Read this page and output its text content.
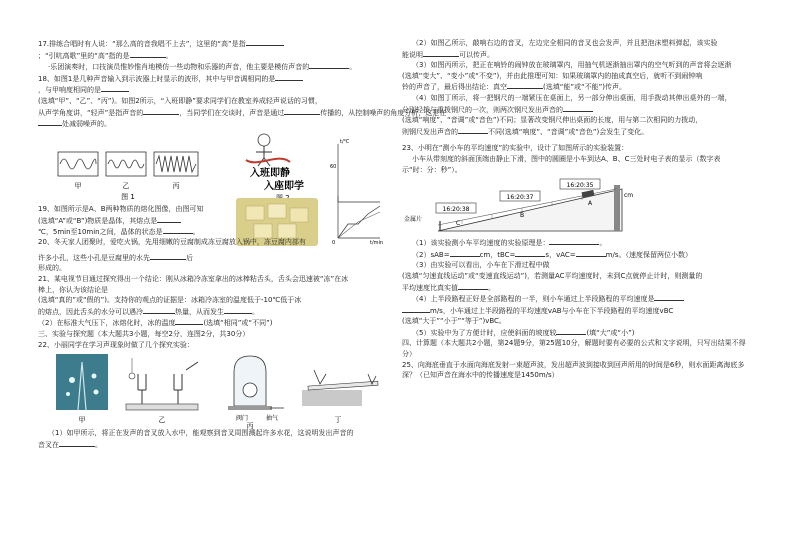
17.排练合唱时有人说：“那么高的音我唱不上去”，这里的“高”是指

；“引吭高歌”里的“高”指的是	。

·乐团演奏时，口技演员惟妙惟肖地模仿一些动物和乐器的声音，他主要是模仿声音的	。

18、如图1是几种声音输入到示波器上时显示的波形，其中与甲音调相同的是

，与甲响度相同的是

(选填“甲”、“乙”、“丙”)。如图2所示，“入班即静”要求同学们在教室养成轻声说话的习惯，

从声学角度讲，“轻声”是指声音的	，当同学们在交谈时，声音是通过	传播的，从控制噪声的角度分析，这是在

处减弱噪声的。

甲	乙	丙
图 1
入班即静
入座即学
t/℃
60
0	t/min

19、如图所示是A、B两种物质的熔化图像，由图可知

(选填“A”或“B”)物质是晶体，其熔点是

℃，5min至10min之间，晶体的状态是	。

20、冬天家人团聚时，爱吃火锅，先用细嫩的豆腐制成冻豆腐放入锅中，冻豆腐内部有

许多小孔，这些小孔是豆腐里的水先	后

形成的。

21、某电视节目通过探究得出一个结论：刚从冰箱冷冻室拿出的冰棒粘舌头，舌头会迅速被“冻”在冰

棒上，你认为该结论是

(选填“真的”或“假的”)。支持你的观点的证据是：冰箱冷冻室的温度低于-10℃低于冰

的熔点，因此舌头的水分可以遇冷	热量，从而发生	。

（2）在标准大气压下，冰熔化时，冰的温度	(选填“相同”或“不同”)

三、实验与探究题（本大题共3小题，每空2分，连图2分，共30分）

22、小丽同学在学习声现象时做了几个探究实验：

甲	乙	阀门	抽气
丙
丁

（1）如甲所示，将正在发声的音叉放入水中，能观察到音叉周围溅起许多水花，这说明发出声音的

音叉在	。

（2）如图乙所示，敲响右边的音叉，左边完全相同的音叉也会发声，并且把泡沫塑料弹起，该实验

能说明	可以传声。

（3）如图丙所示，把正在响铃的闹钟放在玻璃罩内，用抽气机逐渐抽出罩内的空气听到的声音将会逐渐

(选填“变大”、“变小”或“不变”)，并由此推理可知：如果玻璃罩内的抽成真空后，就听不到闹钟响

铃的声音了，最后得出结论：真空	(选填“能”或“不能”)传声。

（4）如图丁所示，将一把钢尺的一端紧压在桌面上，另一部分伸出桌面，用手拨动其伸出桌外的一端，

分别轻拨与重拨钢尺的一次，则两次钢尺发出声音的

(选填“响度”、“音调”或“音色”)不同；显著改变钢尺伸出桌面的长度，用与第二次相同的力拨动，

则钢尺发出声音的	不同(选填“响度”、“音调”或“音色”)会发生了变化。

23、小明在“测小车的平均速度”的实验中，设计了如图所示的实验装置：

小车从带刻度的斜面顶端由静止下滑，图中的圆圈是小车到达A、B、C三处时电子表的显示（数字表

示“时：分：秒”）。

16:20:38
16:20:37
16:20:35
A
B
C
金属片
cm

（1）该实验测小车平均速度的实验原理是：	。

（2）sAB=	cm，tBC=	s，vAC=	m/s。（速度保留两位小数）

（3）由实验可以看出，小车在下滑过程中做

(选填“匀速直线运动”或“变速直线运动”)，若测量AC平均速度时，未到C点就停止计时，则测量的

平均速度比真实值	。

（4）上半段路程正好是全部路程的一半，则小车通过上半段路程的平均速度是

m/s，小车通过上半段路程的平均速度vAB与小车在下半段路程的平均速度vBC

(选填“大于”“小于”“等于”)vBC。

（5）实验中为了方便计时，应使斜面的坡度较	(填“大”或“小”)

四、计算题（本大题共2小题，第24题9分，第25题10分，解题时要有必要的公式和文字说明，只写出结果不得

分）

25、向海底垂直于水面向海底发射一束超声波，发出超声波到接收到回声所用的时间是6秒，则水面距离海底多

深？（已知声音在海水中的传播速度是1450m/s）
